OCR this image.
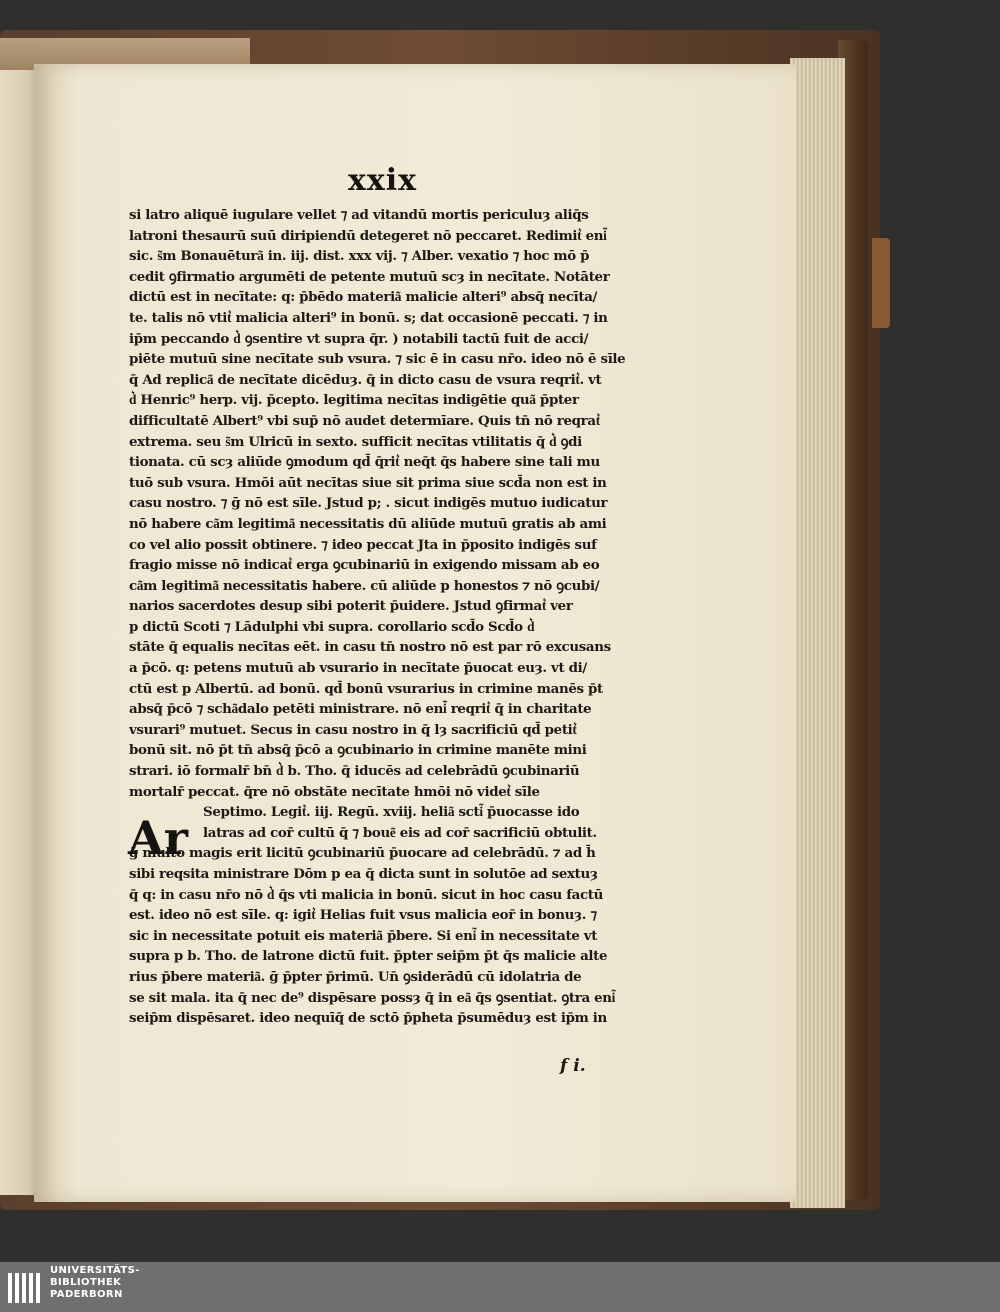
xxix
si latro aliquē iugulare vellet ⁊ ad vitandū mortis periculuȝ aliq̄s
latroni thesaurū suū diripiendū detegeret nō peccaret. Redimit͛ eni͂
sic. s͂m Bonauētura͂ in. iij. dist. xxx vij. ⁊ Alber. vexatio ⁊ hoc mō p̄
cedit ꝯfirmatio argumēti de petente mutuū scȝ in necītate. Notāter
dictū est in necītate: q: p̄bēdo materia͂ malicie alteri⁹ absq̄ necīta/
te. talis nō vtit͛ malicia alteri⁹ in bonū. s; dat occasionē peccati. ⁊ in
ip̄m peccando d͛ ꝯsentire vt supra q̄r. ) notabili tactū fuit de acci/
piēte mutuū sine necītate sub vsura. ⁊ sic ē in casu nr̄o. ideo nō ē sīle
q̄ Ad replica͂ de necītate dicēduȝ. q̄ in dicto casu de vsura reqrit͛. vt
d͛ Henric⁹ herp. vij. p̄cepto. legitima necītas indigētie qua͂ p̄pter
difficultatē Albert⁹ vbi sup̄ nō audet determīare. Quis tn̄ nō reqrat͛
extrema. seu s͂m Ulricū in sexto. sufficit necītas vtilitatis q̄ d͛ ꝯdi
tionata. cū scȝ aliūde ꝯmodum qd̄ q̄rit͛ neq̄t q̄s habere sine tali mu
tuō sub vsura. Hmōi aūt necītas siue sit prima siue scd̄a non est in
casu nostro. ⁊ ḡ nō est sīle. Jstud p; . sicut indigēs mutuo iudicatur
nō habere ca͂m legitima͂ necessitatis dū aliūde mutuū gratis ab ami
co vel alio possit obtinere. ⁊ ideo peccat Jta in p̄posito indigēs suf
fragio misse nō indicat͛ erga ꝯcubinariū in exigendo missam ab eo
ca͂m legitima͂ necessitatis habere. cū aliūde p honestos ⁊ nō ꝯcubi/
narios sacerdotes desup sibi poterit p̄uidere. Jstud ꝯfirmat͛ ver
p dictū Scoti ⁊ Lādulphi vbi supra. corollario scd̄o Scd̄o d͛
stāte q̄ equalis necītas eēt. in casu tn̄ nostro nō est par rō excusans
a p̄cō. q: petens mutuū ab vsurario in necītate p̄uocat euȝ. vt di/
ctū est p Albertū. ad bonū. qd̄ bonū vsurarius in crimine manēs p̄t
absq̄ p̄cō ⁊ scha͂dalo petēti ministrare. nō eni͂ reqrit͛ q̄ in charitate
vsurari⁹ mutuet. Secus in casu nostro in q̄ lȝ sacrificiū qd̄ petit͛
bonū sit. nō p̄t tn̄ absq̄ p̄cō a ꝯcubinario in crimine manēte mini
strari. iō formalr̄ bn̄ d͛ b. Tho. q̄ iducēs ad celebrādū ꝯcubinariū
mortalr̄ peccat. q̄re nō obstāte necītate hmōi nō videt͛ sīle
Septimo. Legit͛. iij. Regū. xviij. helia͂ scti͂ p̄uocasse ido
latras ad cor̄ cultū q̄ ⁊ boue͂ eis ad cor̄ sacrificiū obtulit.
ḡ multo magis erit licitū ꝯcubinariū p̄uocare ad celebrādū. ⁊ ad h̄
sibi reqsita ministrare Dōm p ea q̄ dicta sunt in solutōe ad sextuȝ
q̄ q: in casu nr̄o nō d͛ q̄s vti malicia in bonū. sicut in hoc casu factū
est. ideo nō est sīle. q: igit͛ Helias fuit vsus malicia eor̄ in bonuȝ. ⁊
sic in necessitate potuit eis materia͂ p̄bere. Si eni͂ in necessitate vt
supra p b. Tho. de latrone dictū fuit. p̄pter seip̄m p̄t q̄s malicie alte
rius p̄bere materia͂. ḡ p̄pter p̄rimū. Un̄ ꝯsiderādū cū idolatria de
se sit mala. ita q̄ nec de⁹ dispēsare possȝ q̄ in ea͂ q̄s ꝯsentiat. ꝯtra eni͂
seip̄m dispēsaret. ideo nequīq̄ de sctō p̄pheta p̄sumēduȝ est ip̄m in
Ar
f i.
UNIVERSITÄTS-
BIBLIOTHEK
PADERBORN
